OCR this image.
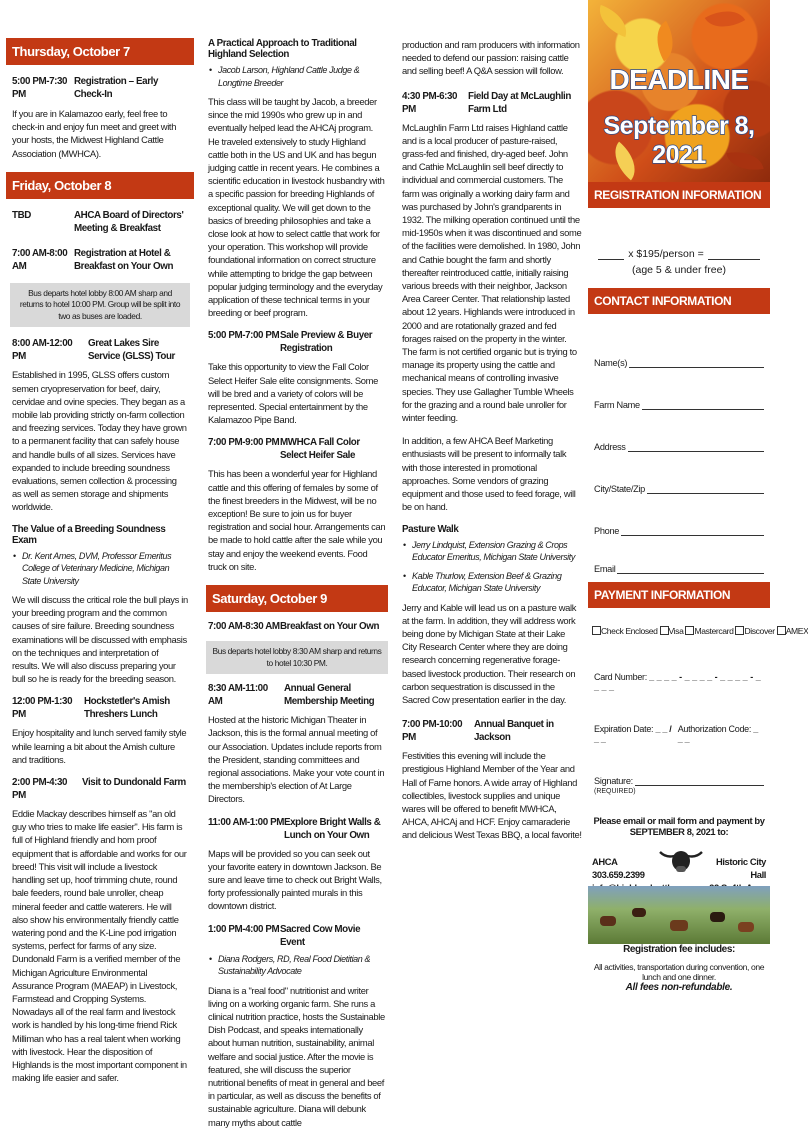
Thursday, October 7
5:00 PM-7:30 PM
Registration – Early Check-In

If you are in Kalamazoo early, feel free to check-in and enjoy fun meet and greet with your hosts, the Midwest Highland Cattle Association (MWHCA).

Friday, October 8
TBD	AHCA Board of Directors' Meeting & Breakfast
7:00 AM-8:00 AM
Registration at Hotel & Breakfast on Your Own
Bus departs hotel lobby 8:00 AM sharp and returns to hotel 10:00 PM. Group will be split into two as buses are loaded.
8:00 AM-12:00 PM
Great Lakes Sire Service (GLSS) Tour

Established in 1995, GLSS offers custom semen cryopreservation for beef, dairy, cervidae and ovine species. They began as a mobile lab providing strictly on-farm collection and freezing services. Today they have grown to a permanent facility that can safely house and handle bulls of all sizes. Services have expanded to include breeding soundness evaluations, semen collection & processing as well as semen storage and shipments worldwide.

The Value of a Breeding Soundness Exam
• Dr. Kent Ames, DVM, Professor Emeritus College of Veterinary Medicine, Michigan State University

We will discuss the critical role the bull plays in your breeding program and the common causes of sire failure. Breeding soundness examinations will be discussed with emphasis on the techniques and interpretation of results. We will also discuss preparing your bull so he is ready for the breeding season.

12:00 PM-1:30 PM
Hockstetler's Amish Threshers Lunch

Enjoy hospitality and lunch served family style while learning a bit about the Amish culture and traditions.

2:00 PM-4:30 PM
Visit to Dundonald Farm

Eddie Mackay describes himself as "an old guy who tries to make life easier". His farm is full of Highland friendly and hom proof equipment that is affordable and works for our breed! This visit will include a livestock handling set up, hoof trimming chute, round bale feeders, round bale unroller, cheap mineral feeder and cattle waterers. He will also show his environmentally friendly cattle watering pond and the K-Line pod irrigation systems, perfect for farms of any size. Dundonald Farm is a verified member of the Michigan Agriculture Environmental Assurance Program (MAEAP) in Livestock, Farmstead and Cropping Systems. Nowadays all of the real farm and livestock work is handled by his long-time friend Rick Milliman who has a real talent when working with livestock. Hear the disposition of Highlands is the most important component in making life easier and safer.

A Practical Approach to Traditional Highland Selection
• Jacob Larson, Highland Cattle Judge & Longtime Breeder

This class will be taught by Jacob, a breeder since the mid 1990s who grew up in and eventually helped lead the AHCAj program. He traveled extensively to study Highland cattle both in the US and UK and has begun judging cattle in recent years. He combines a scientific education in livestock husbandry with a specific passion for breeding Highlands of exceptional quality. We will get down to the basics of breeding philosophies and take a close look at how to select cattle that work for your operation. This workshop will provide foundational information on correct structure while attempting to bridge the gap between popular judging terminology and the everyday application of these technical terms in your breeding or beef program.

5:00 PM-7:00 PM Sale Preview & Buyer Registration

Take this opportunity to view the Fall Color Select Heifer Sale elite consignments. Some will be bred and a variety of colors will be represented. Special entertainment by the Kalamazoo Pipe Band.

7:00 PM-9:00 PM MWHCA Fall Color Select Heifer Sale

This has been a wonderful year for Highland cattle and this offering of females by some of the finest breeders in the Midwest, will be no exception! Be sure to join us for buyer registration and social hour. Arrangements can be made to hold cattle after the sale while you stay and enjoy the weekend events. Food truck on site.

Saturday, October 9
7:00 AM-8:30 AM Breakfast on Your Own
Bus departs hotel lobby 8:30 AM sharp and returns to hotel 10:30 PM.
8:30 AM-11:00 AM
Annual General Membership Meeting

Hosted at the historic Michigan Theater in Jackson, this is the formal annual meeting of our Association. Updates include reports from the President, standing committees and regional associations. Make your vote count in the membership's election of At Large Directors.

11:00 AM-1:00 PM Explore Bright Walls & Lunch on Your Own

Maps will be provided so you can seek out your favorite eatery in downtown Jackson. Be sure and leave time to check out Bright Walls, forty professionally painted murals in this downtown district.

1:00 PM-4:00 PM Sacred Cow Movie Event
• Diana Rodgers, RD, Real Food Dietitian & Sustainability Advocate

Diana is a "real food" nutritionist and writer living on a working organic farm. She runs a clinical nutrition practice, hosts the Sustainable Dish Podcast, and speaks internationally about human nutrition, sustainability, animal welfare and social justice. After the movie is featured, she will discuss the superior nutritional benefits of meat in general and beef in particular, as well as discuss the benefits of sustainable agriculture. Diana will debunk many myths about cattle

production and ram producers with information needed to defend our passion: raising cattle and selling beef! A Q&A session will follow.

4:30 PM-6:30 PM
Field Day at McLaughlin Farm Ltd

McLaughlin Farm Ltd raises Highland cattle and is a local producer of pasture-raised, grass-fed and finished, dry-aged beef. John and Cathie McLaughlin sell beef directly to individual and commercial customers. The farm was originally a working dairy farm and was purchased by John's grandparents in 1932. The milking operation continued until the mid-1950s when it was discontinued and some of the facilities were demolished. In 1980, John and Cathie bought the farm and shortly thereafter reintroduced cattle, initially raising various breeds with their neighbor, Jackson Area Career Center. That relationship lasted about 12 years. Highlands were introduced in 2000 and are rotationally grazed and fed forages raised on the property in the winter. The farm is not certified organic but is trying to manage its property using the cattle and mechanical means of controlling invasive species. They use Gallagher Tumble Wheels for the grazing and a round bale unroller for winter feeding.

In addition, a few AHCA Beef Marketing enthusiasts will be present to informally talk with those interested in promotional approaches. Some vendors of grazing equipment and those used to feed forage, will be on hand.

Pasture Walk
• Jerry Lindquist, Extension Grazing & Crops Educator Emeritus, Michigan State University
• Kable Thurlow, Extension Beef & Grazing Educator, Michigan State University

Jerry and Kable will lead us on a pasture walk at the farm. In addition, they will address work being done by Michigan State at their Lake City Research Center where they are doing research concerning regenerative forage-based livestock production. Their research on carbon sequestration is discussed in the Sacred Cow presentation earlier in the day.

7:00 PM-10:00 PM
Annual Banquet in Jackson

Festivities this evening will include the prestigious Highland Member of the Year and Hall of Fame honors. A wide array of Highland collectibles, livestock supplies and unique wares will be offered to benefit MWHCA, AHCA, AHCAj and HCF. Enjoy camaraderie and delicious West Texas BBQ, a local favorite!

DEADLINE
September 8, 2021
REGISTRATION INFORMATION
x $195/person =
(age 5 & under free)
CONTACT INFORMATION
Name(s)
Farm Name
Address
City/State/Zip
Phone
Email
PAYMENT INFORMATION
Check Enclosed Visa Mastercard Discover AMEX
Card Number: _ _ _ _ - _ _ _ _ - _ _ _ _ - _ _ _ _
Expiration Date: _ _ / _ _
Authorization Code: _ _ _
Signature:
(REQUIRED)
Please email or mail form and payment by SEPTEMBER 8, 2021 to:
AHCA
303.659.2399
Historic City Hall
Registration fee includes:
All activities, transportation during convention, one lunch and one dinner.
All fees non-refundable.
